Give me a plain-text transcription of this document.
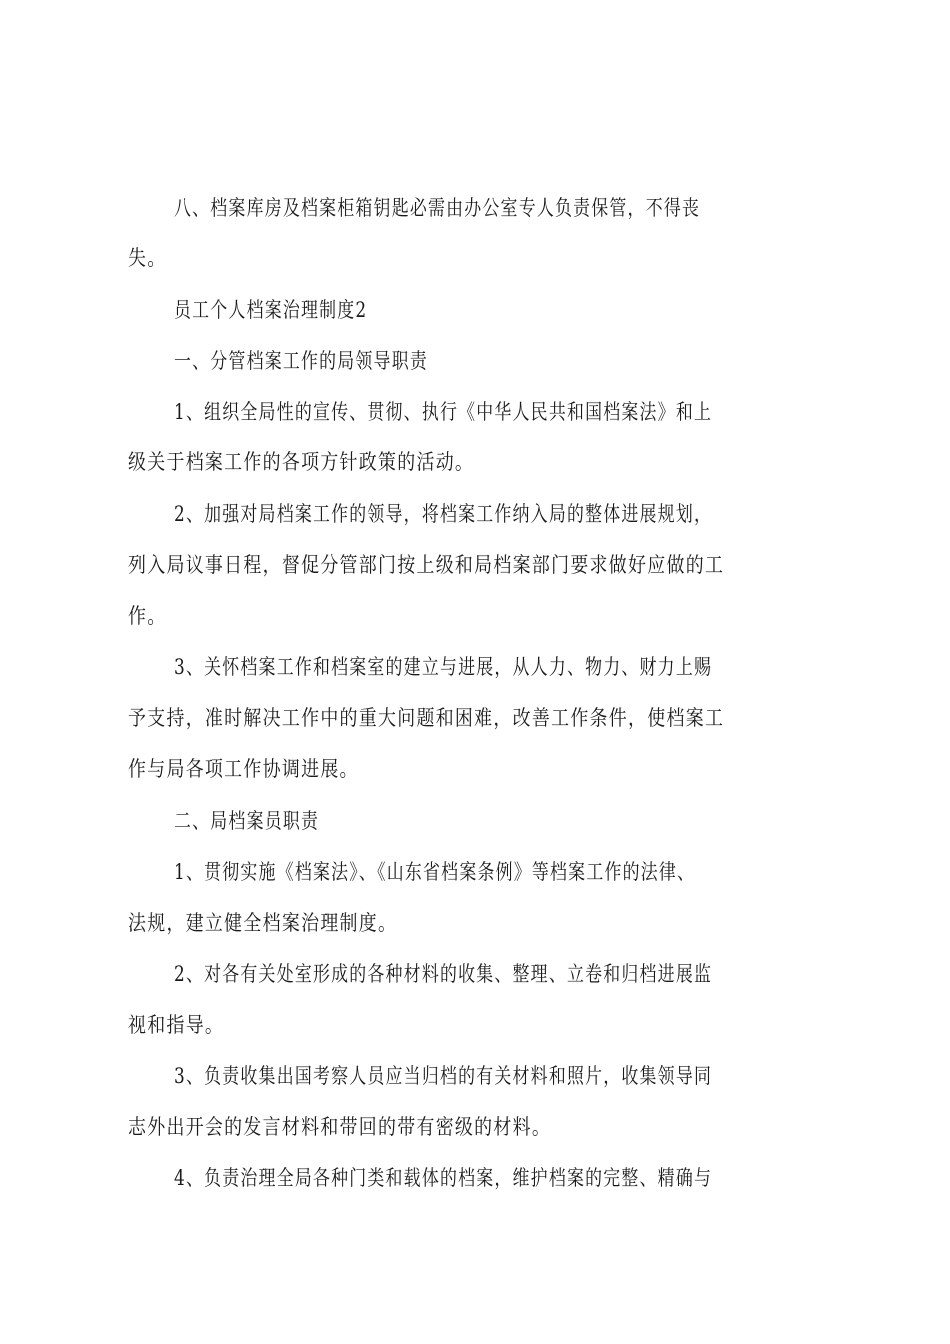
八、档案库房及档案柜箱钥匙必需由办公室专人负责保管，不得丧
失。
员工个人档案治理制度2
一、分管档案工作的局领导职责
1、组织全局性的宣传、贯彻、执行《中华人民共和国档案法》和上
级关于档案工作的各项方针政策的活动。
2、加强对局档案工作的领导，将档案工作纳入局的整体进展规划，
列入局议事日程，督促分管部门按上级和局档案部门要求做好应做的工
作。
3、关怀档案工作和档案室的建立与进展，从人力、物力、财力上赐
予支持，准时解决工作中的重大问题和困难，改善工作条件，使档案工
作与局各项工作协调进展。
二、局档案员职责
1、贯彻实施《档案法》、《山东省档案条例》等档案工作的法律、
法规，建立健全档案治理制度。
2、对各有关处室形成的各种材料的收集、整理、立卷和归档进展监
视和指导。
3、负责收集出国考察人员应当归档的有关材料和照片，收集领导同
志外出开会的发言材料和带回的带有密级的材料。
4、负责治理全局各种门类和载体的档案，维护档案的完整、精确与
